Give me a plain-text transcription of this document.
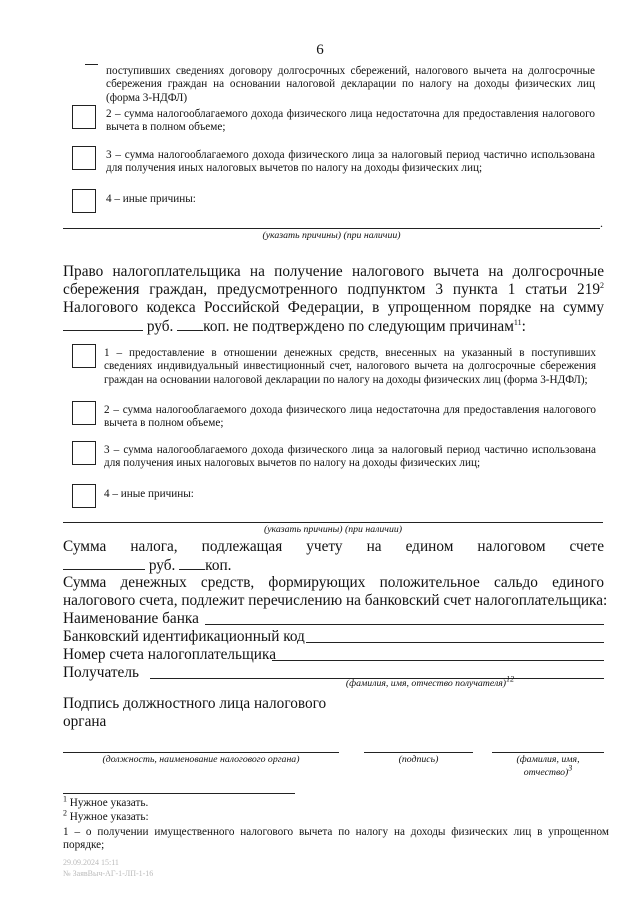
6
поступивших сведениях договору долгосрочных сбережений, налогового вычета на долгосрочные сбережения граждан на основании налоговой декларации по налогу на доходы физических лиц (форма 3-НДФЛ)
2 – сумма налогооблагаемого дохода физического лица недостаточна для предоставления налогового вычета в полном объеме;
3 – сумма налогооблагаемого дохода физического лица за налоговый период частично использована для получения иных налоговых вычетов по налогу на доходы физических лиц;
4 – иные причины:
.
(указать причины) (при наличии)
Право налогоплательщика на получение налогового вычета на долгосрочные
сбережения граждан, предусмотренного подпунктом 3 пункта 1 статьи $219^2$
Налогового кодекса Российской Федерации, в упрощенном порядке на сумму
руб. коп. не подтверждено по следующим причинам$^{11}$:
1 – предоставление в отношении денежных средств, внесенных на указанный в поступивших сведениях индивидуальный инвестиционный счет, налогового вычета на долгосрочные сбережения граждан на основании налоговой декларации по налогу на доходы физических лиц (форма 3-НДФЛ);
2 – сумма налогооблагаемого дохода физического лица недостаточна для предоставления налогового вычета в полном объеме;
3 – сумма налогооблагаемого дохода физического лица за налоговый период частично использована для получения иных налоговых вычетов по налогу на доходы физических лиц;
4 – иные причины:
(указать причины) (при наличии)
Сумма налога, подлежащая учету на едином налоговом счете
руб. коп.
Сумма денежных средств, формирующих положительное сальдо единого
налогового счета, подлежит перечислению на банковский счет налогоплательщика:
Наименование банка
Банковский идентификационный код
Номер счета налогоплательщика
Получатель
(фамилия, имя, отчество получателя)$^{12}$
Подпись должностного лица налогового
органа
(должность, наименование налогового органа)	(подпись)	(фамилия, имя,
отчество)$^3$
$^1$ Нужное указать.
$^2$ Нужное указать:
1 – о получении имущественного налогового вычета по налогу на доходы физических лиц в упрощенном порядке;
29.09.2024 15:11
№ ЗаявВыч-АГ-1-ЛП-1-16
